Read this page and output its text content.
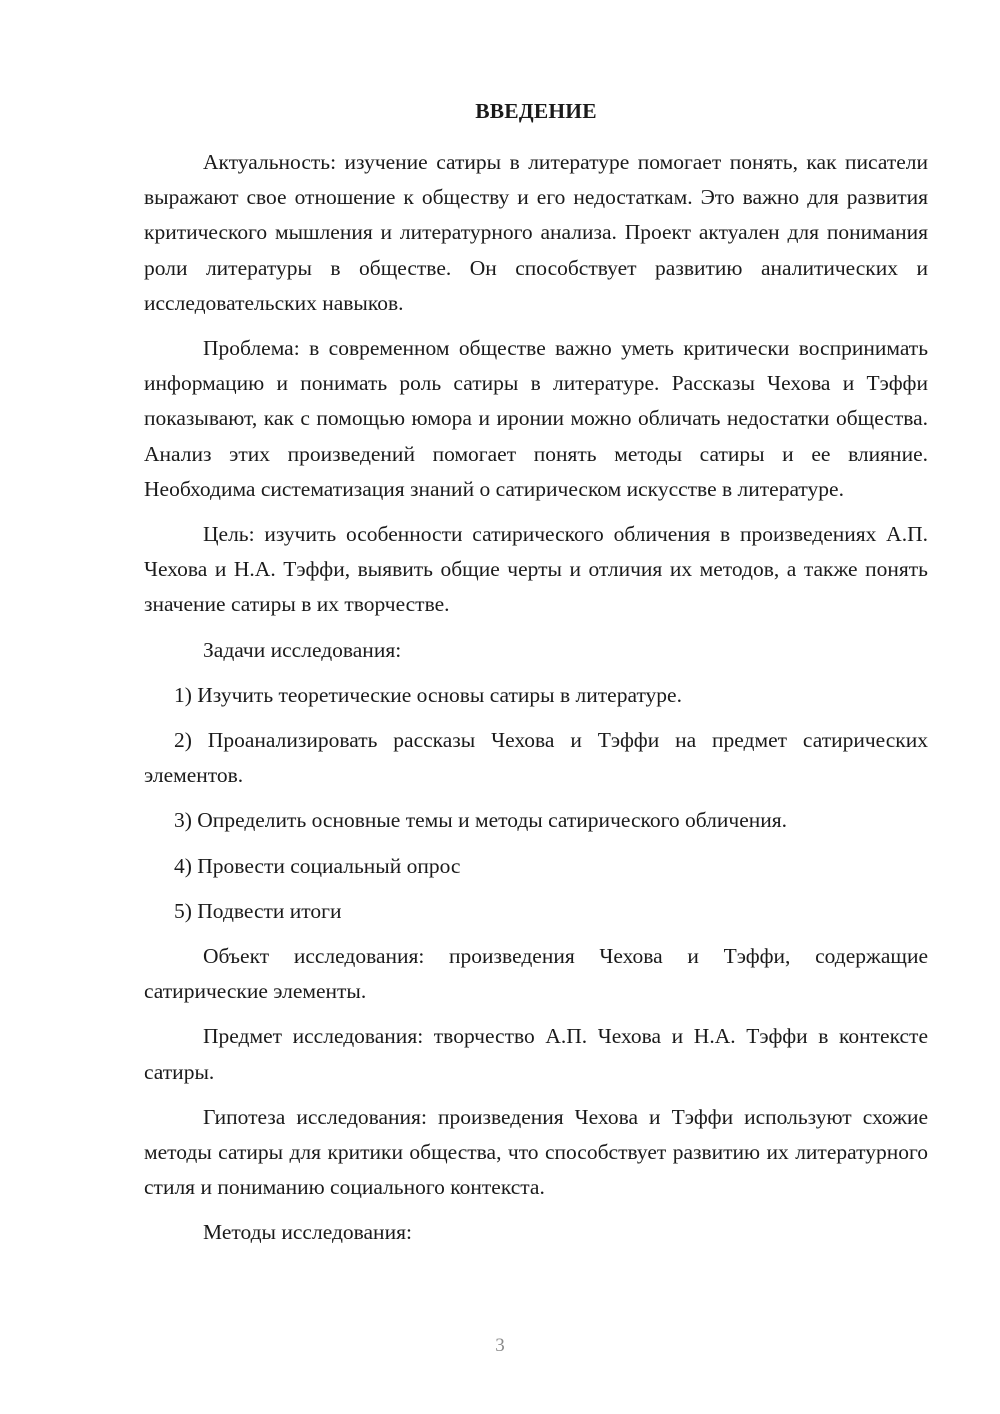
ВВЕДЕНИЕ

Актуальность: изучение сатиры в литературе помогает понять, как писатели выражают свое отношение к обществу и его недостаткам. Это важно для развития критического мышления и литературного анализа. Проект актуален для понимания роли литературы в обществе. Он способствует развитию аналитических и исследовательских навыков.

Проблема: в современном обществе важно уметь критически воспринимать информацию и понимать роль сатиры в литературе. Рассказы Чехова и Тэффи показывают, как с помощью юмора и иронии можно обличать недостатки общества. Анализ этих произведений помогает понять методы сатиры и ее влияние. Необходима систематизация знаний о сатирическом искусстве в литературе.

Цель: изучить особенности сатирического обличения в произведениях А.П. Чехова и Н.А. Тэффи, выявить общие черты и отличия их методов, а также понять значение сатиры в их творчестве.

Задачи исследования:

1) Изучить теоретические основы сатиры в литературе.

2) Проанализировать рассказы Чехова и Тэффи на предмет сатирических элементов.

3) Определить основные темы и методы сатирического обличения.

4) Провести социальный опрос

5) Подвести итоги

Объект исследования: произведения Чехова и Тэффи, содержащие сатирические элементы.

Предмет исследования: творчество А.П. Чехова и Н.А. Тэффи в контексте сатиры.

Гипотеза исследования: произведения Чехова и Тэффи используют схожие методы сатиры для критики общества, что способствует развитию их литературного стиля и пониманию социального контекста.

Методы исследования:

3
